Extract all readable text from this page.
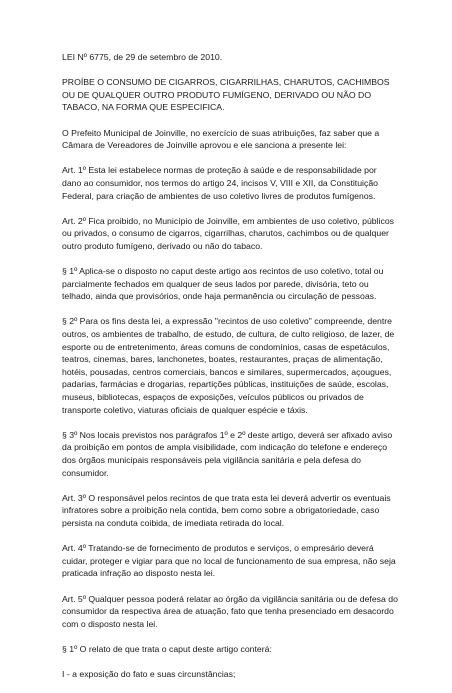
LEI Nº 6775, de 29 de setembro de 2010.

PROÍBE O CONSUMO DE CIGARROS, CIGARRILHAS, CHARUTOS, CACHIMBOS OU DE QUALQUER OUTRO PRODUTO FUMÍGENO, DERIVADO OU NÃO DO TABACO, NA FORMA QUE ESPECIFICA.

O Prefeito Municipal de Joinville, no exercício de suas atribuições, faz saber que a Câmara de Vereadores de Joinville aprovou e ele sanciona a presente lei:

Art. 1º Esta lei estabelece normas de proteção à saúde e de responsabilidade por dano ao consumidor, nos termos do artigo 24, incisos V, VIII e XII, da Constituição Federal, para criação de ambientes de uso coletivo livres de produtos fumígenos.

Art. 2º Fica proibido, no Município de Joinville, em ambientes de uso coletivo, públicos ou privados, o consumo de cigarros, cigarrilhas, charutos, cachimbos ou de qualquer outro produto fumígeno, derivado ou não do tabaco.

§ 1º Aplica-se o disposto no caput deste artigo aos recintos de uso coletivo, total ou parcialmente fechados em qualquer de seus lados por parede, divisória, teto ou telhado, ainda que provisórios, onde haja permanência ou circulação de pessoas.

§ 2º Para os fins desta lei, a expressão "recintos de uso coletivo" compreende, dentre outros, os ambientes de trabalho, de estudo, de cultura, de culto religioso, de lazer, de esporte ou de entretenimento, áreas comuns de condomínios, casas de espetáculos, teatros, cinemas, bares, lanchonetes, boates, restaurantes, praças de alimentação, hotéis, pousadas, centros comerciais, bancos e similares, supermercados, açougues, padarias, farmácias e drogarias, repartições públicas, instituições de saúde, escolas, museus, bibliotecas, espaços de exposições, veículos públicos ou privados de transporte coletivo, viaturas oficiais de qualquer espécie e táxis.

§ 3º Nos locais previstos nos parágrafos 1º e 2º deste artigo, deverá ser afixado aviso da proibição em pontos de ampla visibilidade, com indicação do telefone e endereço dos órgãos municipais responsáveis pela vigilância sanitária e pela defesa do consumidor.

Art. 3º O responsável pelos recintos de que trata esta lei deverá advertir os eventuais infratores sobre a proibição nela contida, bem como sobre a obrigatoriedade, caso persista na conduta coibida, de imediata retirada do local.

Art. 4º Tratando-se de fornecimento de produtos e serviços, o empresário deverá cuidar, proteger e vigiar para que no local de funcionamento de sua empresa, não seja praticada infração ao disposto nesta lei.

Art. 5º Qualquer pessoa poderá relatar ao órgão da vigilância sanitária ou de defesa do consumidor da respectiva área de atuação, fato que tenha presenciado em desacordo com o disposto nesta lei.

§ 1º O relato de que trata o caput deste artigo conterá:

I - a exposição do fato e suas circunstâncias;
